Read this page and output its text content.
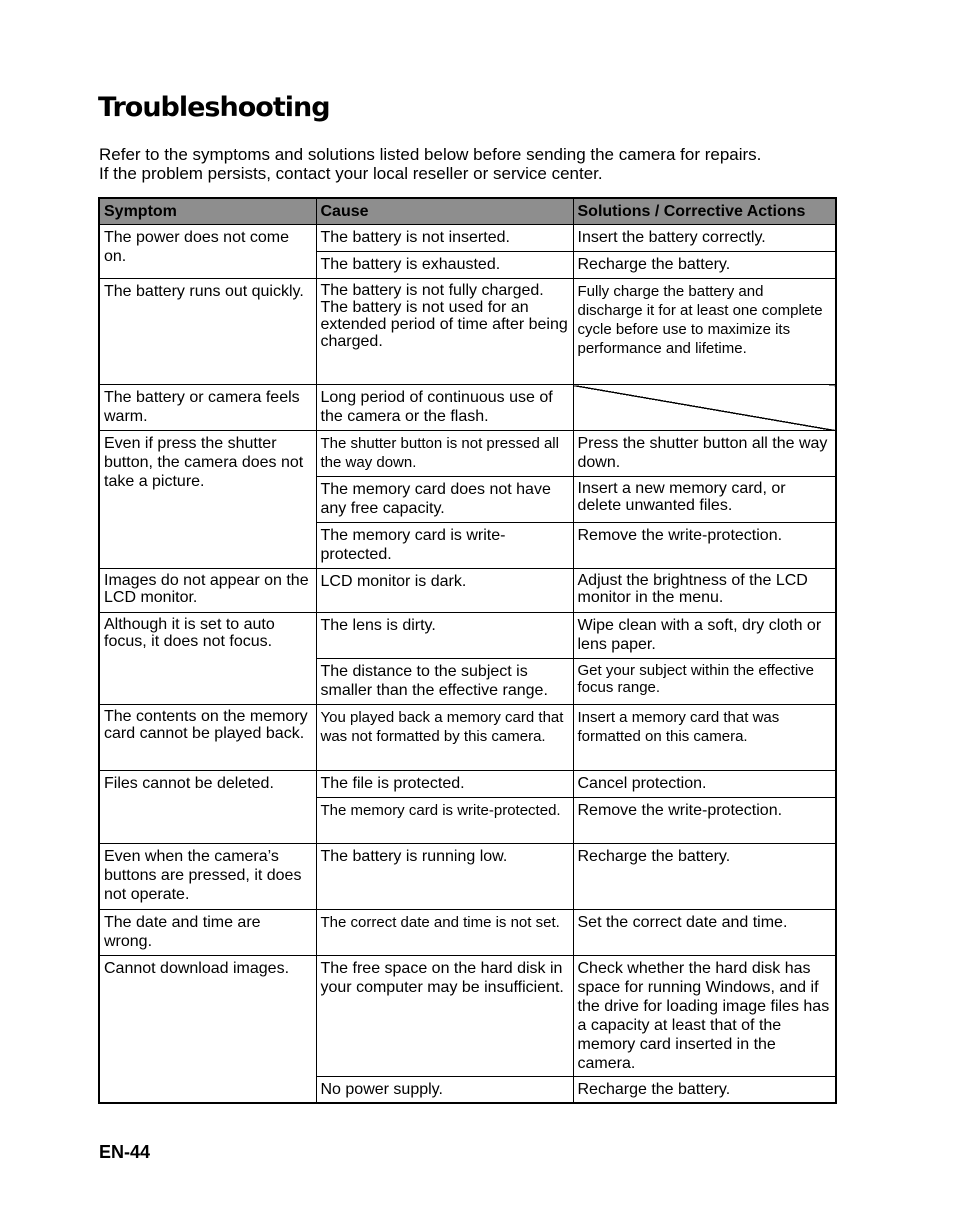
Troubleshooting
Refer to the symptoms and solutions listed below before sending the camera for repairs.
If the problem persists, contact your local reseller or service center.
Symptom	Cause	Solutions / Corrective Actions
The power does not come on.	The battery is not inserted.	Insert the battery correctly.
	The battery is exhausted.	Recharge the battery.
The battery runs out quickly.	The battery is not fully charged. The battery is not used for an extended period of time after being charged.	Fully charge the battery and discharge it for at least one complete cycle before use to maximize its performance and lifetime.
The battery or camera feels warm.	Long period of continuous use of the camera or the flash.	
Even if press the shutter button, the camera does not take a picture.	The shutter button is not pressed all the way down.	Press the shutter button all the way down.
	The memory card does not have any free capacity.	Insert a new memory card, or delete unwanted files.
	The memory card is write-protected.	Remove the write-protection.
Images do not appear on the LCD monitor.	LCD monitor is dark.	Adjust the brightness of the LCD monitor in the menu.
Although it is set to auto focus, it does not focus.	The lens is dirty.	Wipe clean with a soft, dry cloth or lens paper.
	The distance to the subject is smaller than the effective range.	Get your subject within the effective focus range.
The contents on the memory card cannot be played back.	You played back a memory card that was not formatted by this camera.	Insert a memory card that was formatted on this camera.
Files cannot be deleted.	The file is protected.	Cancel protection.
	The memory card is write-protected.	Remove the write-protection.
Even when the camera’s buttons are pressed, it does not operate.	The battery is running low.	Recharge the battery.
The date and time are wrong.	The correct date and time is not set.	Set the correct date and time.
Cannot download images.	The free space on the hard disk in your computer may be insufficient.	Check whether the hard disk has space for running Windows, and if the drive for loading image files has a capacity at least that of the memory card inserted in the camera.
	No power supply.	Recharge the battery.
EN-44
